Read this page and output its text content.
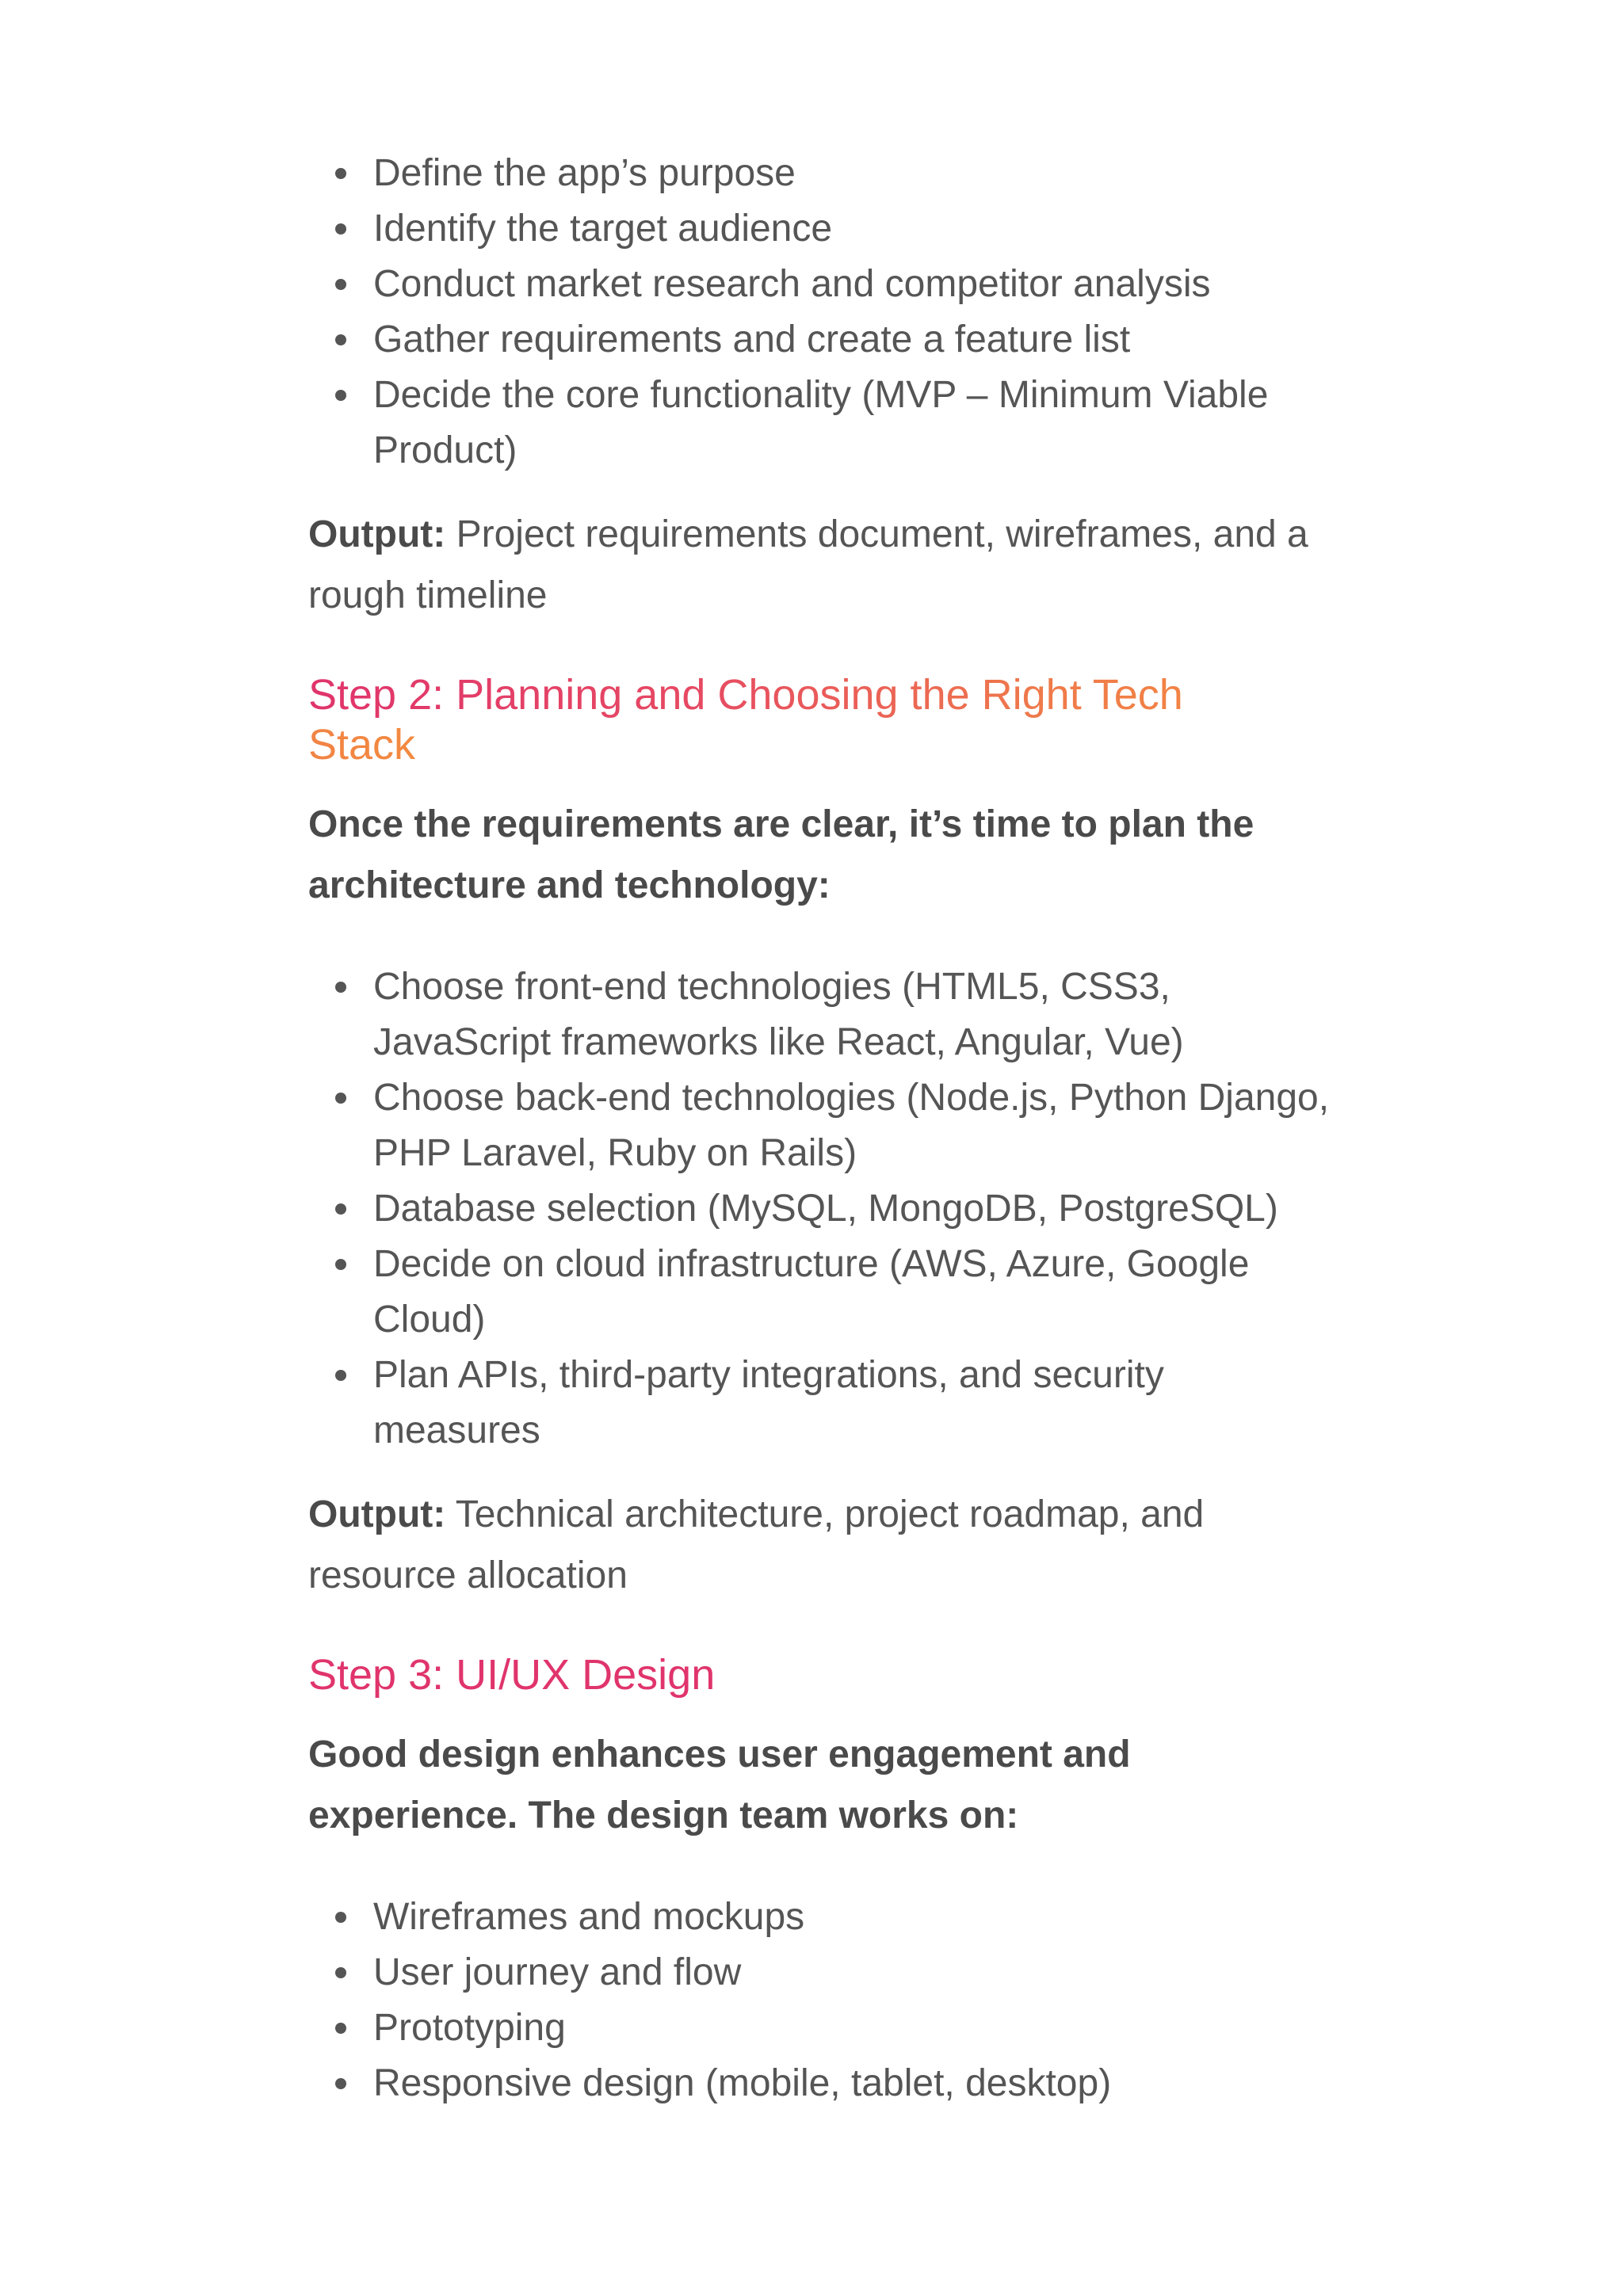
Define the app’s purpose
Identify the target audience
Conduct market research and competitor analysis
Gather requirements and create a feature list
Decide the core functionality (MVP – Minimum Viable Product)

Output: Project requirements document, wireframes, and a rough timeline

Step 2: Planning and Choosing the Right Tech Stack

Once the requirements are clear, it’s time to plan the architecture and technology:

Choose front-end technologies (HTML5, CSS3, JavaScript frameworks like React, Angular, Vue)
Choose back-end technologies (Node.js, Python Django, PHP Laravel, Ruby on Rails)
Database selection (MySQL, MongoDB, PostgreSQL)
Decide on cloud infrastructure (AWS, Azure, Google Cloud)
Plan APIs, third-party integrations, and security measures

Output: Technical architecture, project roadmap, and resource allocation

Step 3: UI/UX Design

Good design enhances user engagement and experience. The design team works on:

Wireframes and mockups
User journey and flow
Prototyping
Responsive design (mobile, tablet, desktop)
